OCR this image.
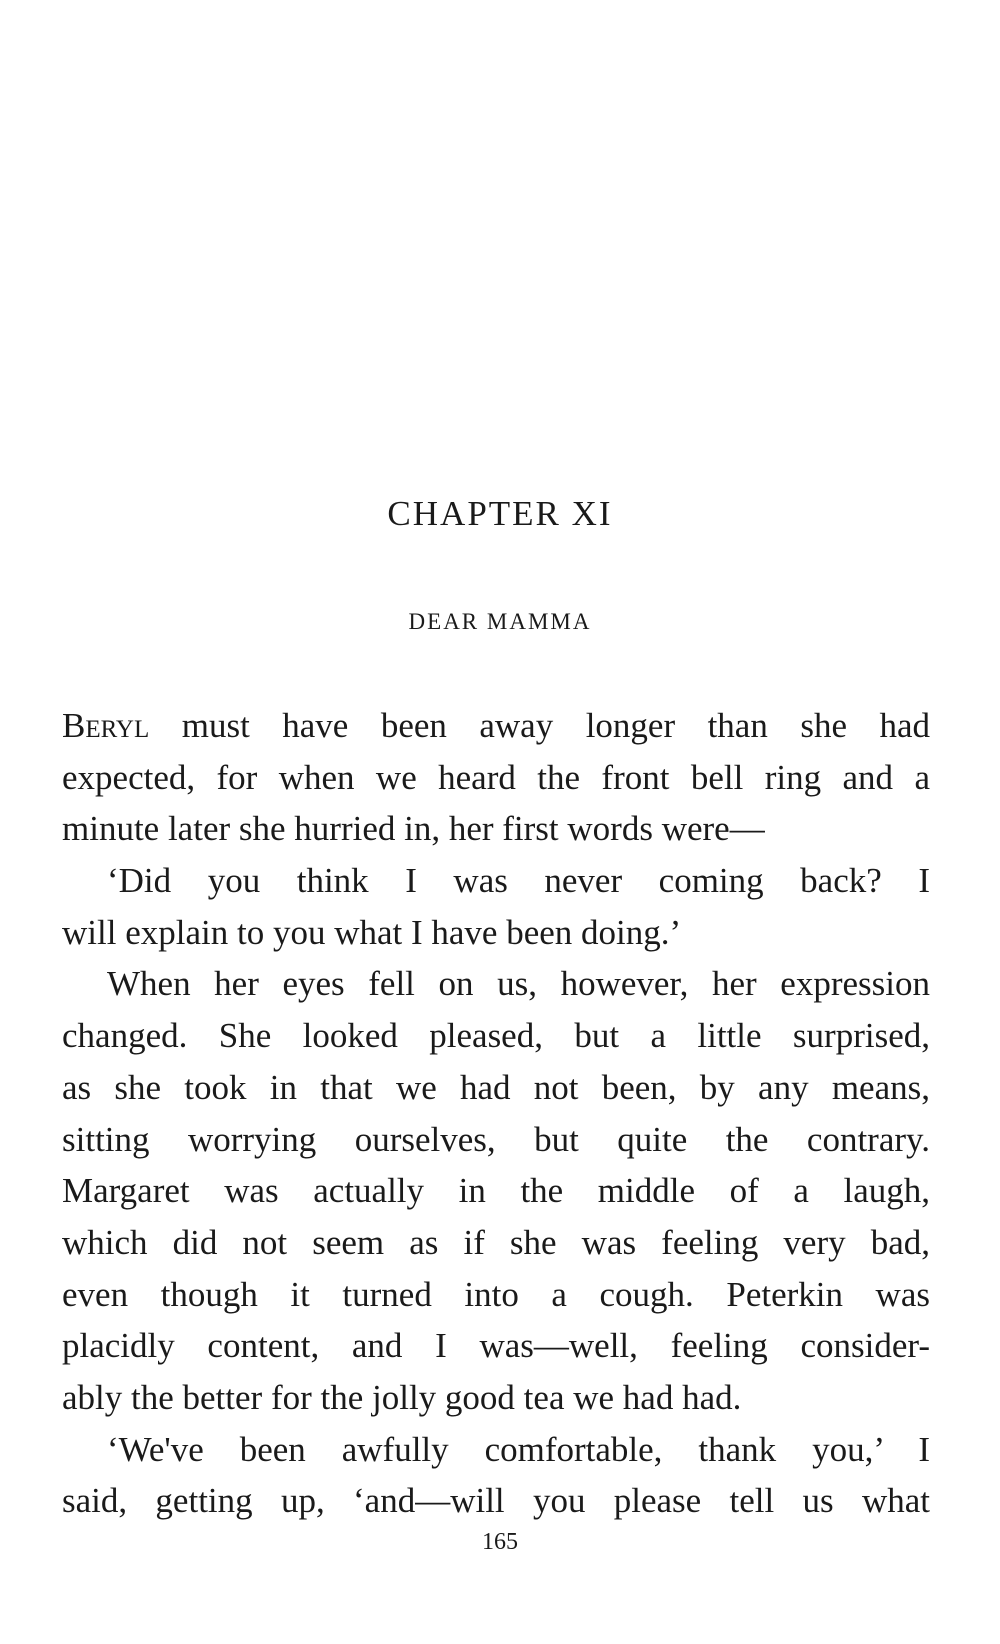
CHAPTER XI
DEAR MAMMA
Beryl must have been away longer than she had
expected, for when we heard the front bell ring and a
minute later she hurried in, her first words were—
‘Did you think I was never coming back? I
will explain to you what I have been doing.’
When her eyes fell on us, however, her expression
changed. She looked pleased, but a little surprised,
as she took in that we had not been, by any means,
sitting worrying ourselves, but quite the contrary.
Margaret was actually in the middle of a laugh,
which did not seem as if she was feeling very bad,
even though it turned into a cough. Peterkin was
placidly content, and I was—well, feeling consider-
ably the better for the jolly good tea we had had.
‘We've been awfully comfortable, thank you,’ I
said, getting up, ‘and—will you please tell us what
165
